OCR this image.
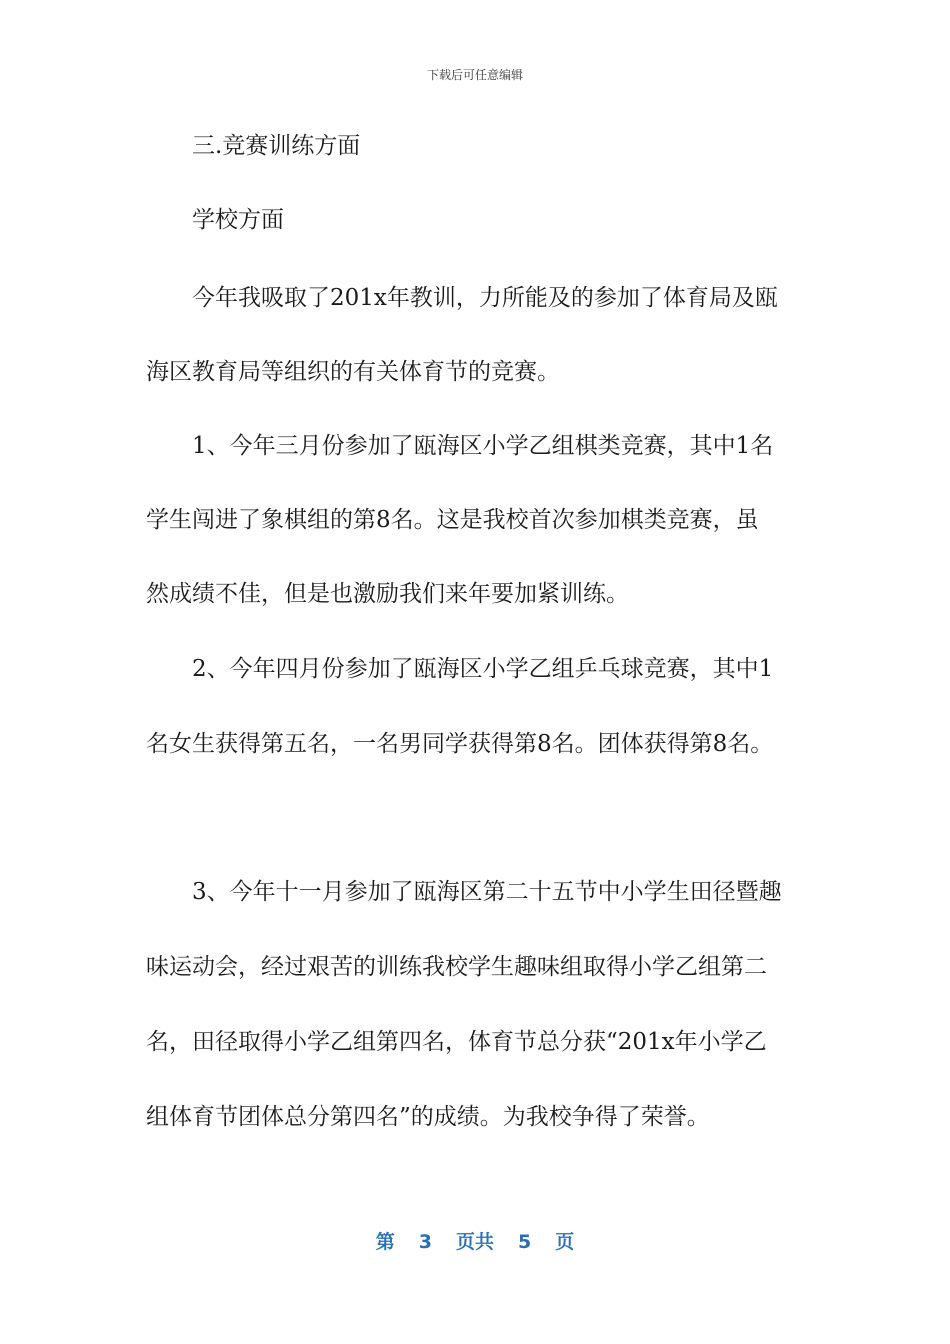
下载后可任意编辑
三.竞赛训练方面
学校方面
今年我吸取了201x年教训，力所能及的参加了体育局及瓯
海区教育局等组织的有关体育节的竞赛。
1、今年三月份参加了瓯海区小学乙组棋类竞赛，其中1名
学生闯进了象棋组的第8名。这是我校首次参加棋类竞赛，虽
然成绩不佳，但是也激励我们来年要加紧训练。
2、今年四月份参加了瓯海区小学乙组乒乓球竞赛，其中1
名女生获得第五名，一名男同学获得第8名。团体获得第8名。
3、今年十一月参加了瓯海区第二十五节中小学生田径暨趣
味运动会，经过艰苦的训练我校学生趣味组取得小学乙组第二
名，田径取得小学乙组第四名，体育节总分获“201x年小学乙
组体育节团体总分第四名”的成绩。为我校争得了荣誉。
第 3 页共 5 页
